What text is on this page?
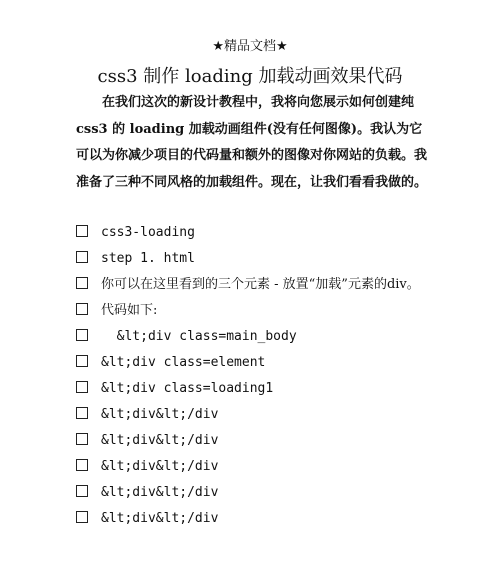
★精品文档★
css3 制作 loading 加载动画效果代码

在我们这次的新设计教程中，我将向您展示如何创建纯 css3 的 loading 加载动画组件(没有任何图像)。我认为它可以为你减少项目的代码量和额外的图像对你网站的负载。我准备了三种不同风格的加载组件。现在，让我们看看我做的。

css3-loading
step 1. html
你可以在这里看到的三个元素 - 放置“加载”元素的div。
代码如下:
&lt;div class=main_body
&lt;div class=element
&lt;div class=loading1
&lt;div&lt;/div
&lt;div&lt;/div
&lt;div&lt;/div
&lt;div&lt;/div
&lt;div&lt;/div
